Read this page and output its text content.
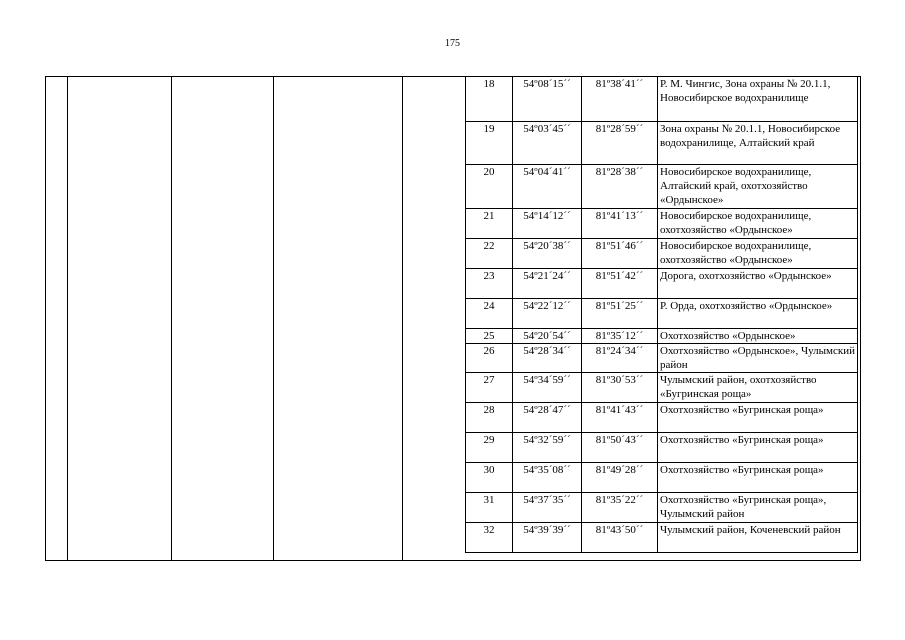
175
18	54º08´15´´	81º38´41´´	Р. М. Чингис, Зона охраны № 20.1.1, Новосибирское водохранилище
19	54º03´45´´	81º28´59´´	Зона охраны № 20.1.1, Новосибирское водохранилище, Алтайский край
20	54º04´41´´	81º28´38´´	Новосибирское водохранилище, Алтайский край, охотхозяйство «Ордынское»
21	54º14´12´´	81º41´13´´	Новосибирское водохранилище, охотхозяйство «Ордынское»
22	54º20´38´´	81º51´46´´	Новосибирское водохранилище, охотхозяйство «Ордынское»
23	54º21´24´´	81º51´42´´	Дорога, охотхозяйство «Ордынское»
24	54º22´12´´	81º51´25´´	Р. Орда, охотхозяйство «Ордынское»
25	54º20´54´´	81º35´12´´	Охотхозяйство «Ордынское»
26	54º28´34´´	81º24´34´´	Охотхозяйство «Ордынское», Чулымский район
27	54º34´59´´	81º30´53´´	Чулымский район, охотхозяйство «Бугринская роща»
28	54º28´47´´	81º41´43´´	Охотхозяйство «Бугринская роща»
29	54º32´59´´	81º50´43´´	Охотхозяйство «Бугринская роща»
30	54º35´08´´	81º49´28´´	Охотхозяйство «Бугринская роща»
31	54º37´35´´	81º35´22´´	Охотхозяйство «Бугринская роща», Чулымский район
32	54º39´39´´	81º43´50´´	Чулымский район, Коченевский район
